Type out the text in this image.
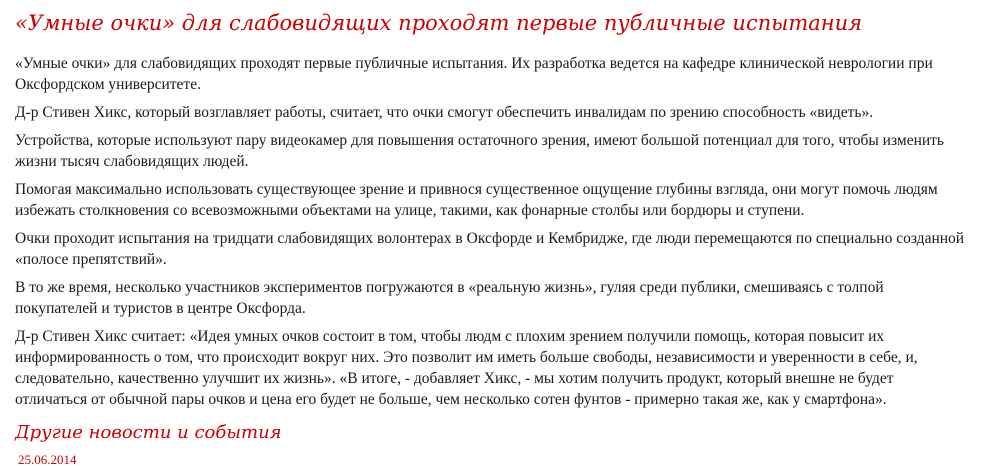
«Умные очки» для слабовидящих проходят первые публичные испытания

«Умные очки» для слабовидящих проходят первые публичные испытания. Их разработка ведется на кафедре клинической неврологии при Оксфордском университете.

Д-р Стивен Хикс, который возглавляет работы, считает, что очки смогут обеспечить инвалидам по зрению способность «видеть».

Устройства, которые используют пару видеокамер для повышения остаточного зрения, имеют большой потенциал для того, чтобы изменить жизни тысяч слабовидящих людей.

Помогая максимально использовать существующее зрение и привнося существенное ощущение глубины взгляда, они могут помочь людям избежать столкновения со всевозможными объектами на улице, такими, как фонарные столбы или бордюры и ступени.

Очки проходит испытания на тридцати слабовидящих волонтерах в Оксфорде и Кембридже, где люди перемещаются по специально созданной «полосе препятствий».

В то же время, несколько участников экспериментов погружаются в «реальную жизнь», гуляя среди публики, смешиваясь с толпой покупателей и туристов в центре Оксфорда.

Д-р Стивен Хикс считает: «Идея умных очков состоит в том, чтобы людм с плохим зрением получили помощь, которая повысит их информированность о том, что происходит вокруг них. Это позволит им иметь больше свободы, независимости и уверенности в себе, и, следовательно, качественно улучшит их жизнь». «В итоге, - добавляет Хикс, - мы хотим получить продукт, который внешне не будет отличаться от обычной пары очков и цена его будет не больше, чем несколько сотен фунтов - примерно такая же, как у смартфона».

Другие новости и события
25.06.2014
